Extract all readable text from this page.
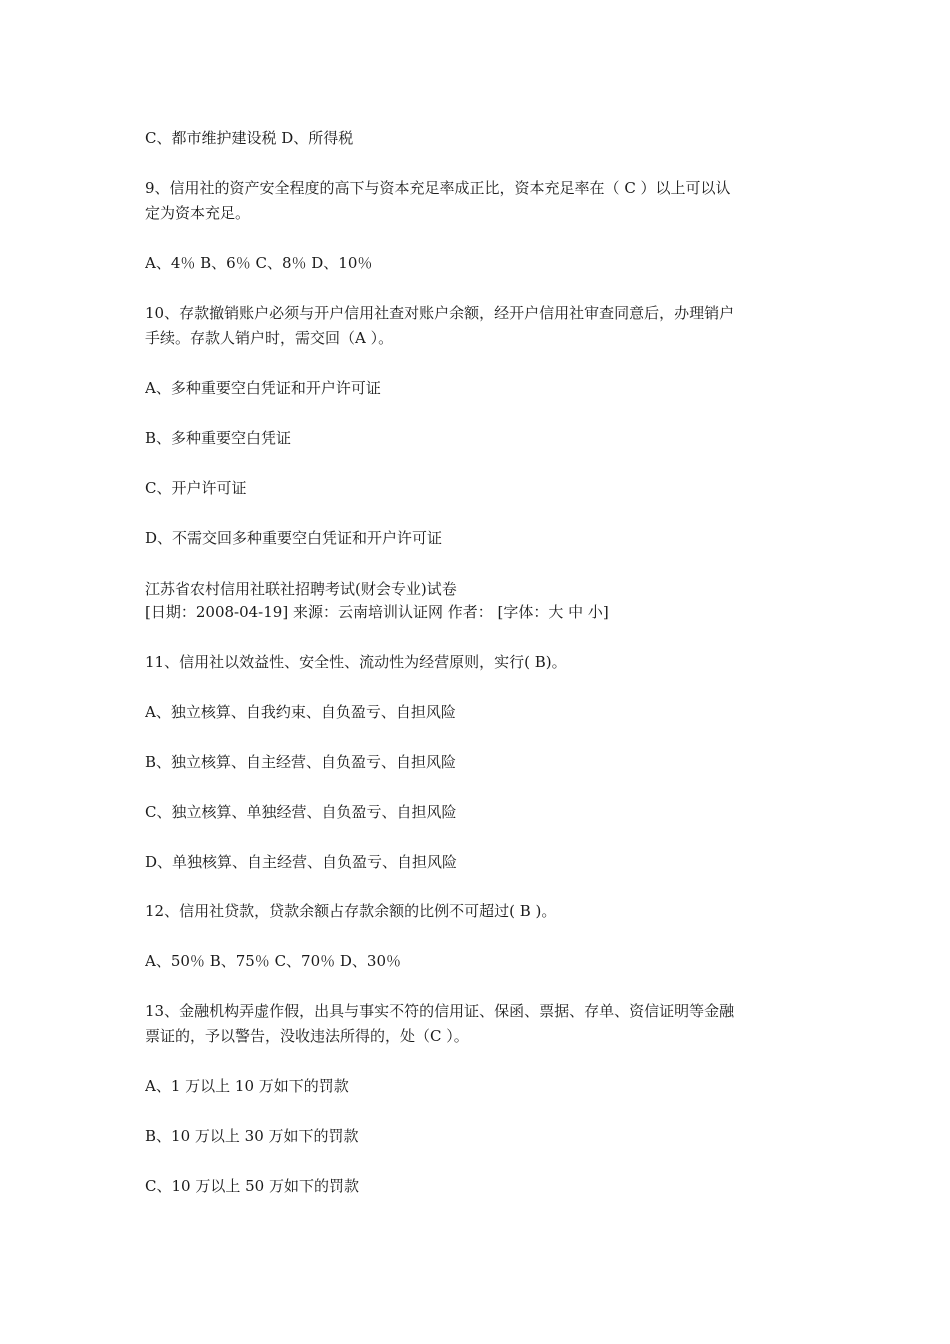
C、都市维护建设税 D、所得税
9、信用社的资产安全程度的高下与资本充足率成正比，资本充足率在（ C ）以上可以认
定为资本充足。
A、4％ B、6％ C、8％ D、10％
10、存款撤销账户必须与开户信用社查对账户余额，经开户信用社审查同意后，办理销户
手续。存款人销户时，需交回（A ）。
A、多种重要空白凭证和开户许可证
B、多种重要空白凭证
C、开户许可证
D、不需交回多种重要空白凭证和开户许可证
江苏省农村信用社联社招聘考试(财会专业)试卷
[日期：2008-04-19] 来源：云南培训认证网 作者： [字体：大 中 小]
11、信用社以效益性、安全性、流动性为经营原则，实行( B)。
A、独立核算、自我约束、自负盈亏、自担风险
B、独立核算、自主经营、自负盈亏、自担风险
C、独立核算、单独经营、自负盈亏、自担风险
D、单独核算、自主经营、自负盈亏、自担风险
12、信用社贷款，贷款余额占存款余额的比例不可超过( B )。
A、50％ B、75％ C、70％ D、30％
13、金融机构弄虚作假，出具与事实不符的信用证、保函、票据、存单、资信证明等金融
票证的，予以警告，没收违法所得的，处（C ）。
A、1 万以上 10 万如下的罚款
B、10 万以上 30 万如下的罚款
C、10 万以上 50 万如下的罚款
